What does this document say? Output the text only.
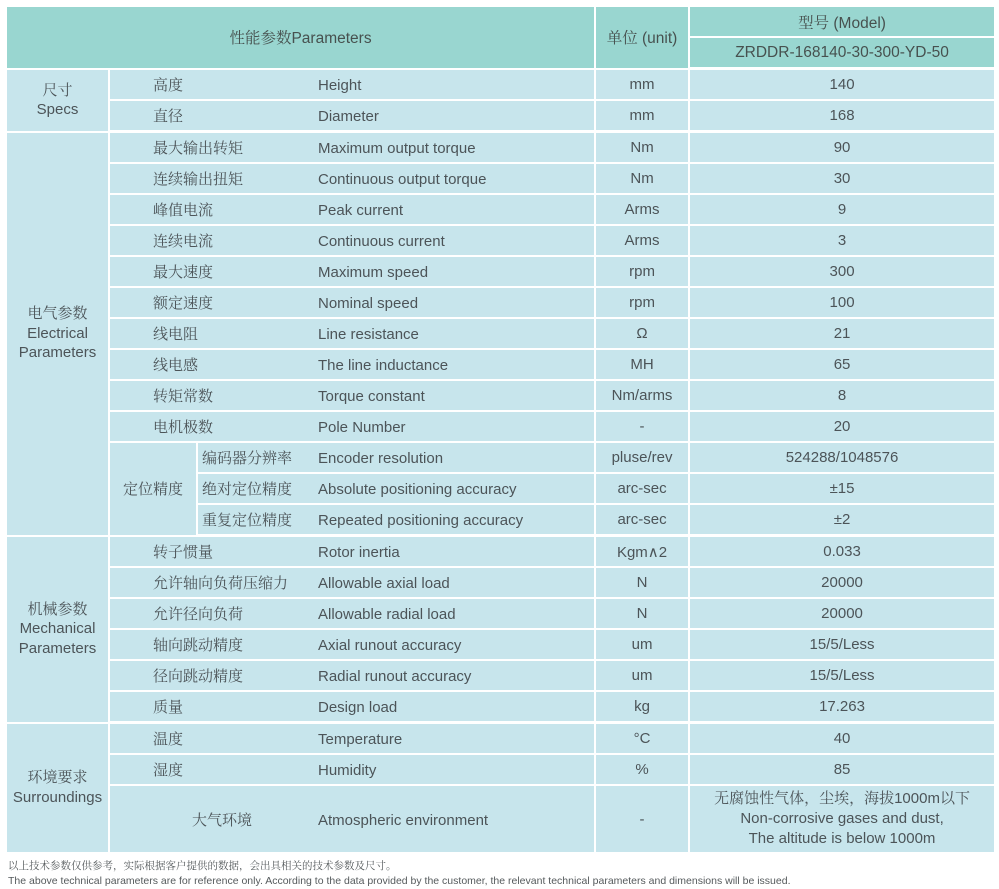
性能参数Parameters			单位 (unit)	型号 (Model)
				ZRDDR-168140-30-300-YD-50

尺寸
Specs	高度 Height		mm	140
	直径 Diameter		mm	168

电气参数
Electrical Parameters	最大输出转矩 Maximum output torque		Nm	90
	连续输出扭矩 Continuous output torque		Nm	30
	峰值电流 Peak current		Arms	9
	连续电流 Continuous current		Arms	3
	最大速度 Maximum speed		rpm	300
	额定速度 Nominal speed		rpm	100
	线电阻 Line resistance		Ω	21
	线电感 The line inductance		MH	65
	转矩常数 Torque constant		Nm/arms	8
	电机极数 Pole Number		-	20
	定位精度	编码器分辨率 Encoder resolution	pluse/rev	524288/1048576
		绝对定位精度 Absolute positioning accuracy	arc-sec	±15
		重复定位精度 Repeated positioning accuracy	arc-sec	±2

机械参数
Mechanical Parameters	转子惯量 Rotor inertia		Kgm∧2	0.033
	允许轴向负荷压缩力 Allowable axial load		N	20000
	允许径向负荷 Allowable radial load		N	20000
	轴向跳动精度 Axial runout accuracy		um	15/5/Less
	径向跳动精度 Radial runout accuracy		um	15/5/Less
	质量 Design load		kg	17.263

环境要求
Surroundings	温度 Temperature		°C	40
	湿度 Humidity		%	85
	大气环境 Atmospheric environment		-	无腐蚀性气体，尘埃，海拔1000m以下
Non-corrosive gases and dust,
The altitude is below 1000m
以上技术参数仅供参考，实际根据客户提供的数据，会出具相关的技术参数及尺寸。
The above technical parameters are for reference only. According to the data provided by the customer, the relevant technical parameters and dimensions will be issued.
